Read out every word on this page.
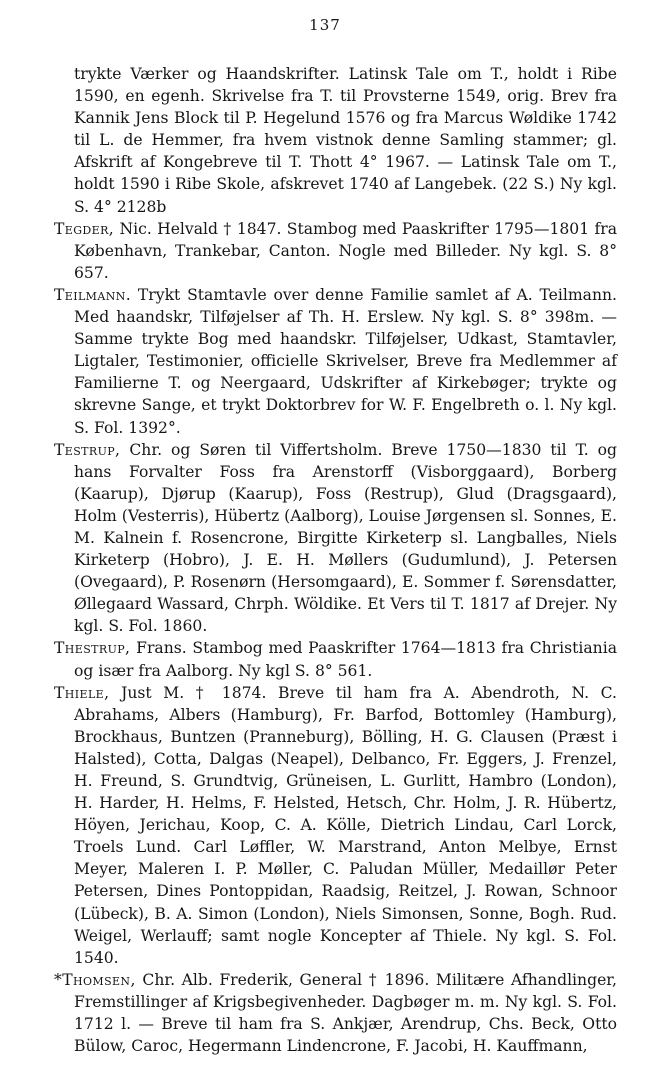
137

trykte Værker og Haandskrifter. Latinsk Tale om T., holdt i Ribe 1590, en egenh. Skrivelse fra T. til Provsterne 1549, orig. Brev fra Kannik Jens Block til P. Hegelund 1576 og fra Marcus Wøldike 1742 til L. de Hemmer, fra hvem vistnok denne Samling stammer; gl. Afskrift af Kongebreve til T. Thott 4° 1967. — Latinsk Tale om T., holdt 1590 i Ribe Skole, afskrevet 1740 af Langebek. (22 S.) Ny kgl. S. 4° 2128b

Tegder, Nic. Helvald † 1847. Stambog med Paaskrifter 1795—1801 fra København, Trankebar, Canton. Nogle med Billeder. Ny kgl. S. 8° 657.

Teilmann. Trykt Stamtavle over denne Familie samlet af A. Teilmann. Med haandskr, Tilføjelser af Th. H. Erslew. Ny kgl. S. 8° 398m. — Samme trykte Bog med haandskr. Tilføjelser, Udkast, Stamtavler, Ligtaler, Testimonier, officielle Skrivelser, Breve fra Medlemmer af Familierne T. og Neergaard, Udskrifter af Kirkebøger; trykte og skrevne Sange, et trykt Doktorbrev for W. F. Engelbreth o. l. Ny kgl. S. Fol. 1392°.

Testrup, Chr. og Søren til Viffertsholm. Breve 1750—1830 til T. og hans Forvalter Foss fra Arenstorff (Visborggaard), Borberg (Kaarup), Djørup (Kaarup), Foss (Restrup), Glud (Dragsgaard), Holm (Vesterris), Hübertz (Aalborg), Louise Jørgensen sl. Sonnes, E. M. Kalnein f. Rosencrone, Birgitte Kirketerp sl. Langballes, Niels Kirketerp (Hobro), J. E. H. Møllers (Gudumlund), J. Petersen (Ovegaard), P. Rosenørn (Hersomgaard), E. Sommer f. Sørensdatter, Øllegaard Wassard, Chrph. Wöldike. Et Vers til T. 1817 af Drejer. Ny kgl. S. Fol. 1860.

Thestrup, Frans. Stambog med Paaskrifter 1764—1813 fra Christiania og især fra Aalborg. Ny kgl S. 8° 561.

Thiele, Just M. † 1874. Breve til ham fra A. Abendroth, N. C. Abrahams, Albers (Hamburg), Fr. Barfod, Bottomley (Hamburg), Brockhaus, Buntzen (Pranneburg), Bölling, H. G. Clausen (Præst i Halsted), Cotta, Dalgas (Neapel), Delbanco, Fr. Eggers, J. Frenzel, H. Freund, S. Grundtvig, Grüneisen, L. Gurlitt, Hambro (London), H. Harder, H. Helms, F. Helsted, Hetsch, Chr. Holm, J. R. Hübertz, Höyen, Jerichau, Koop, C. A. Kölle, Dietrich Lindau, Carl Lorck, Troels Lund. Carl Løffler, W. Marstrand, Anton Melbye, Ernst Meyer, Maleren I. P. Møller, C. Paludan Müller, Medaillør Peter Petersen, Dines Pontoppidan, Raadsig, Reitzel, J. Rowan, Schnoor (Lübeck), B. A. Simon (London), Niels Simonsen, Sonne, Bogh. Rud. Weigel, Werlauff; samt nogle Koncepter af Thiele. Ny kgl. S. Fol. 1540.

*Thomsen, Chr. Alb. Frederik, General † 1896. Militære Afhandlinger, Fremstillinger af Krigsbegivenheder. Dagbøger m. m. Ny kgl. S. Fol. 1712 l. — Breve til ham fra S. Ankjær, Arendrup, Chs. Beck, Otto Bülow, Caroc, Hegermann Lindencrone, F. Jacobi, H. Kauffmann,
